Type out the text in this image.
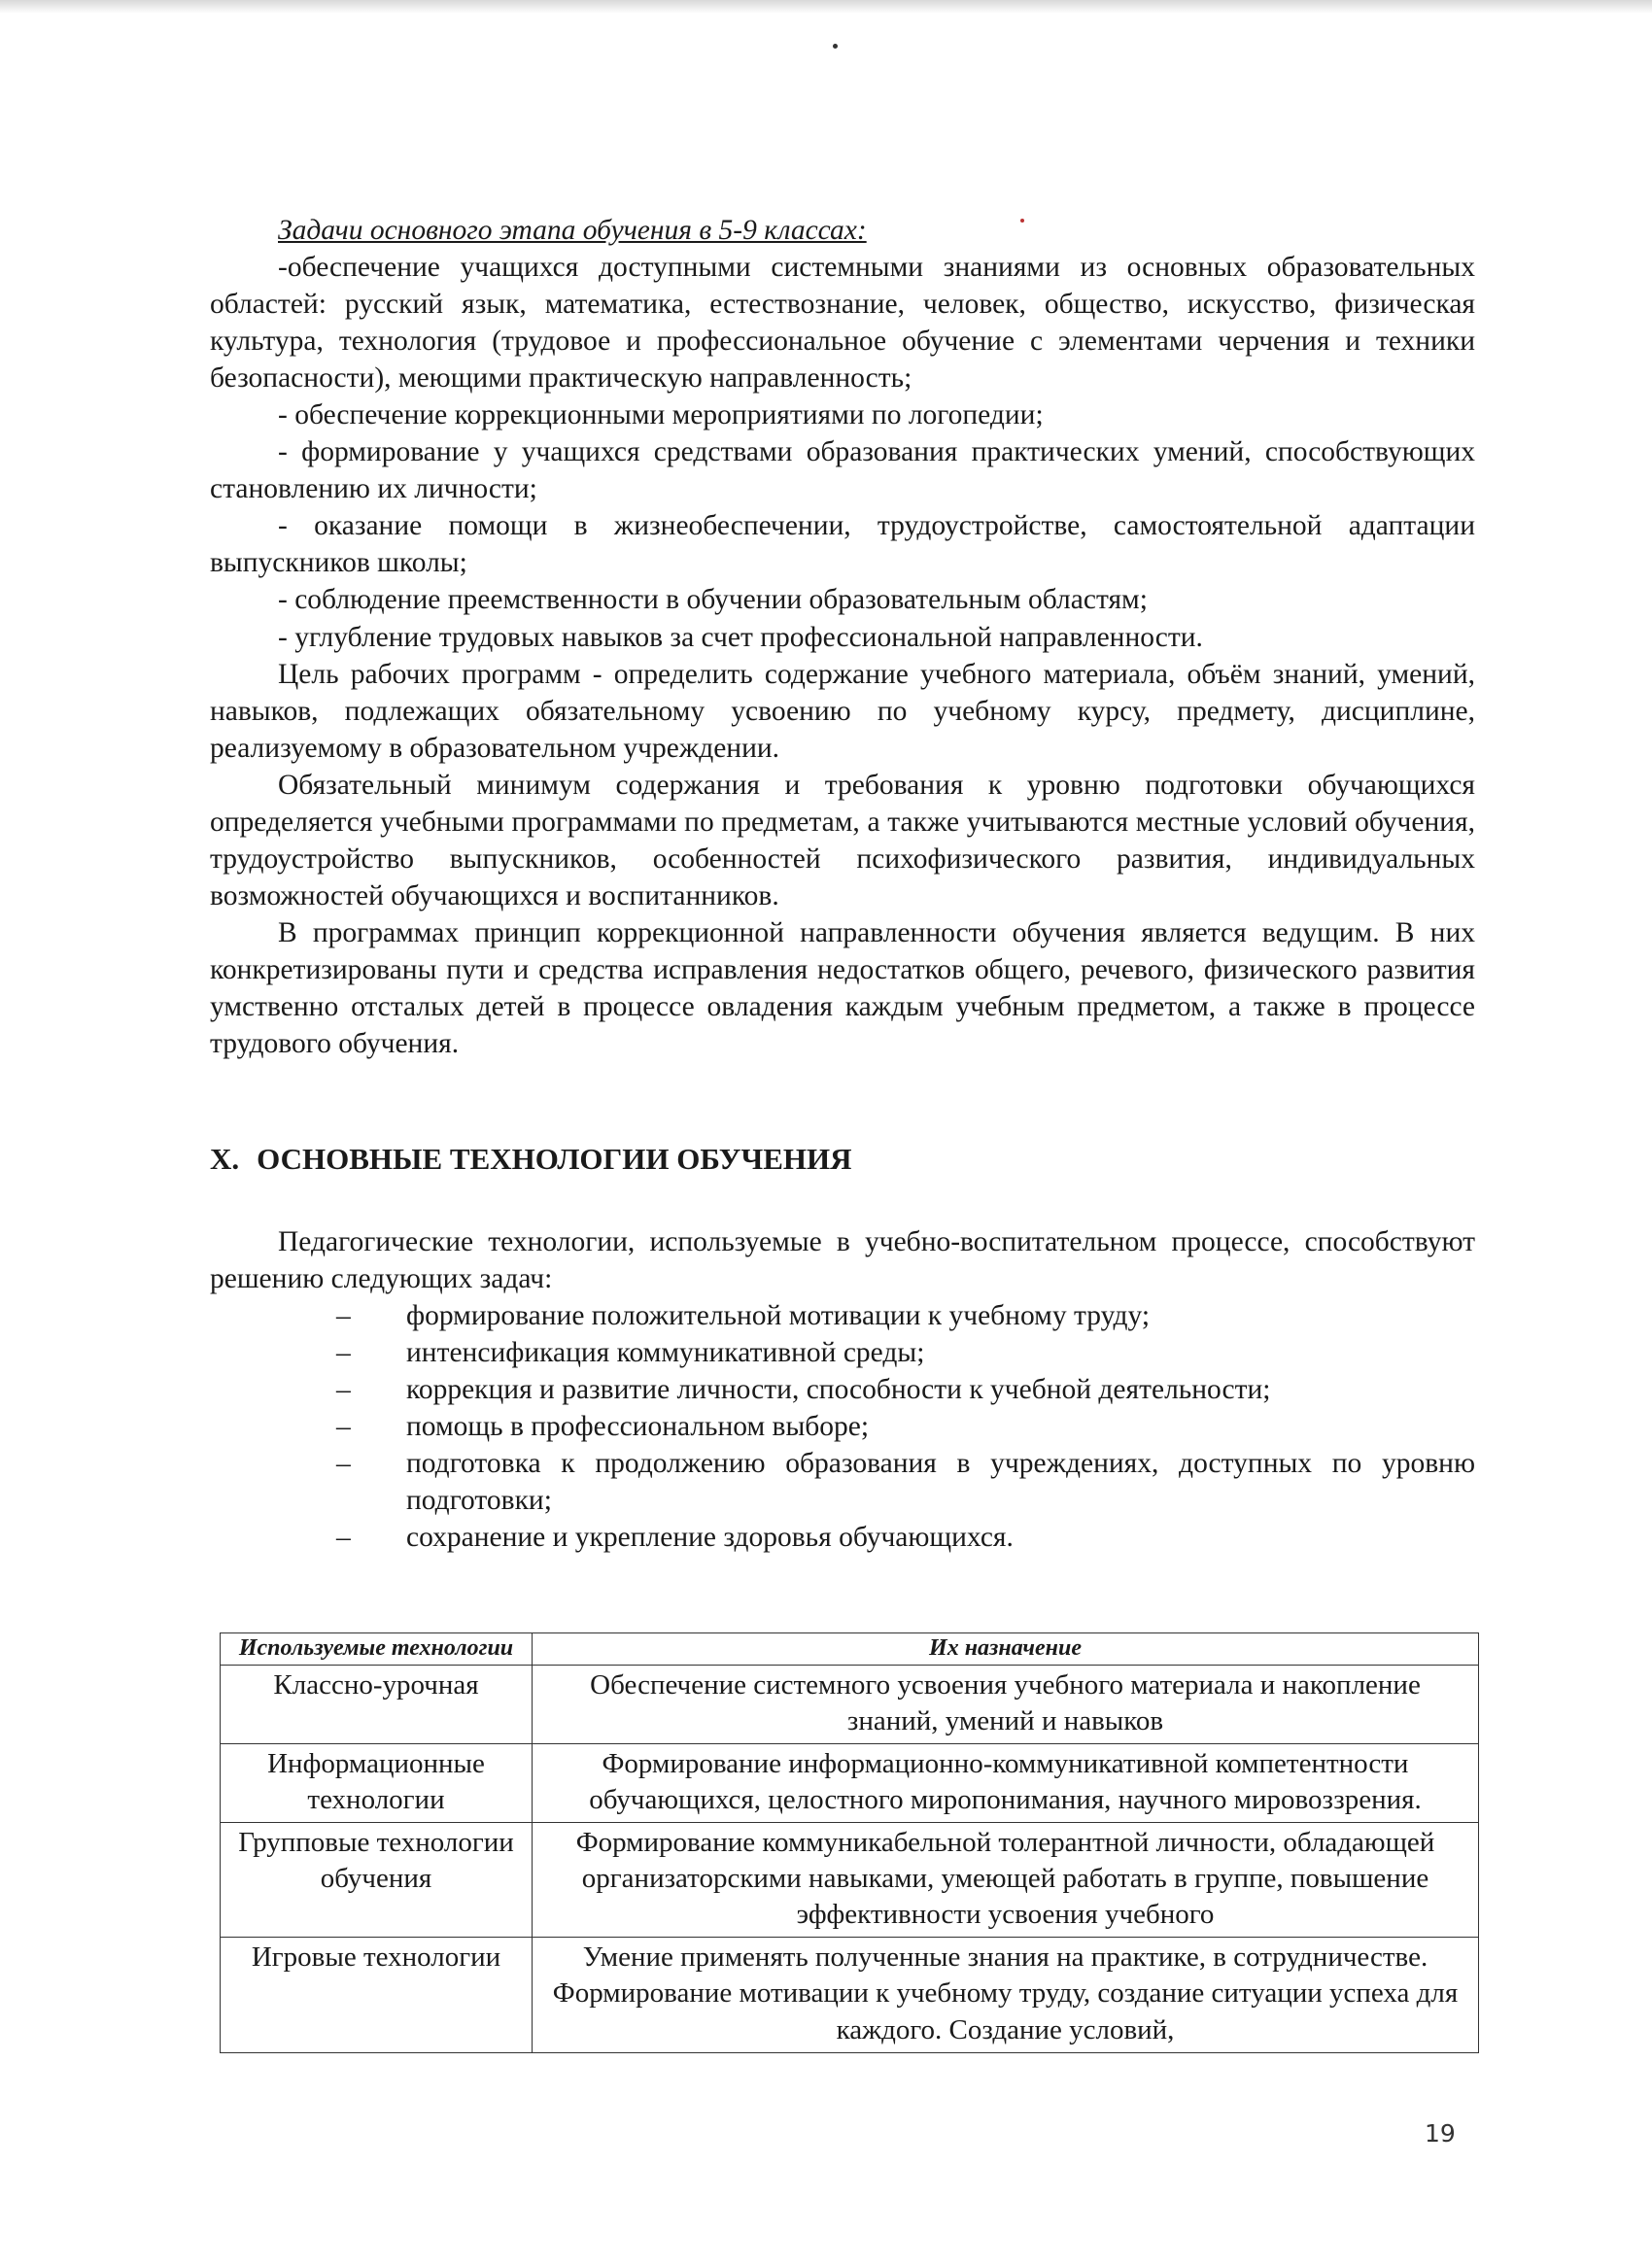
Задачи основного этапа обучения в 5-9 классах:

-обеспечение учащихся доступными системными знаниями из основных образовательных областей: русский язык, математика, естествознание, человек, общество, искусство, физическая культура, технология (трудовое и профессиональное обучение с элементами черчения и техники безопасности), меющими практическую направленность;

- обеспечение коррекционными мероприятиями по логопедии;

- формирование у учащихся средствами образования практических умений, способствующих становлению их личности;

- оказание помощи в жизнеобеспечении, трудоустройстве, самостоятельной адаптации выпускников школы;

- соблюдение преемственности в обучении образовательным областям;

- углубление трудовых навыков за счет профессиональной направленности.

Цель рабочих программ - определить содержание учебного материала, объём знаний, умений, навыков, подлежащих обязательному усвоению по учебному курсу, предмету, дисциплине, реализуемому в образовательном учреждении.

Обязательный минимум содержания и требования к уровню подготовки обучающихся определяется учебными программами по предметам, а также учитываются местные условий обучения, трудоустройство выпускников, особенностей психофизического развития, индивидуальных возможностей обучающихся и воспитанников.

В программах принцип коррекционной направленности обучения является ведущим. В них конкретизированы пути и средства исправления недостатков общего, речевого, физического развития умственно отсталых детей в процессе овладения каждым учебным предметом, а также в процессе трудового обучения.

X. ОСНОВНЫЕ ТЕХНОЛОГИИ ОБУЧЕНИЯ

Педагогические технологии, используемые в учебно-воспитательном процессе, способствуют решению следующих задач:

– формирование положительной мотивации к учебному труду;
– интенсификация коммуникативной среды;
– коррекция и развитие личности, способности к учебной деятельности;
– помощь в профессиональном выборе;
– подготовка к продолжению образования в учреждениях, доступных по уровню подготовки;
– сохранение и укрепление здоровья обучающихся.
Используемые технологии	Их назначение
Классно-урочная	Обеспечение системного усвоения учебного материала и накопление знаний, умений и навыков
Информационные технологии	Формирование информационно-коммуникативной компетентности обучающихся, целостного миропонимания, научного мировоззрения.
Групповые технологии обучения	Формирование коммуникабельной толерантной личности, обладающей организаторскими навыками, умеющей работать в группе, повышение эффективности усвоения учебного
Игровые технологии	Умение применять полученные знания на практике, в сотрудничестве. Формирование мотивации к учебному труду, создание ситуации успеха для каждого. Создание условий,
19
